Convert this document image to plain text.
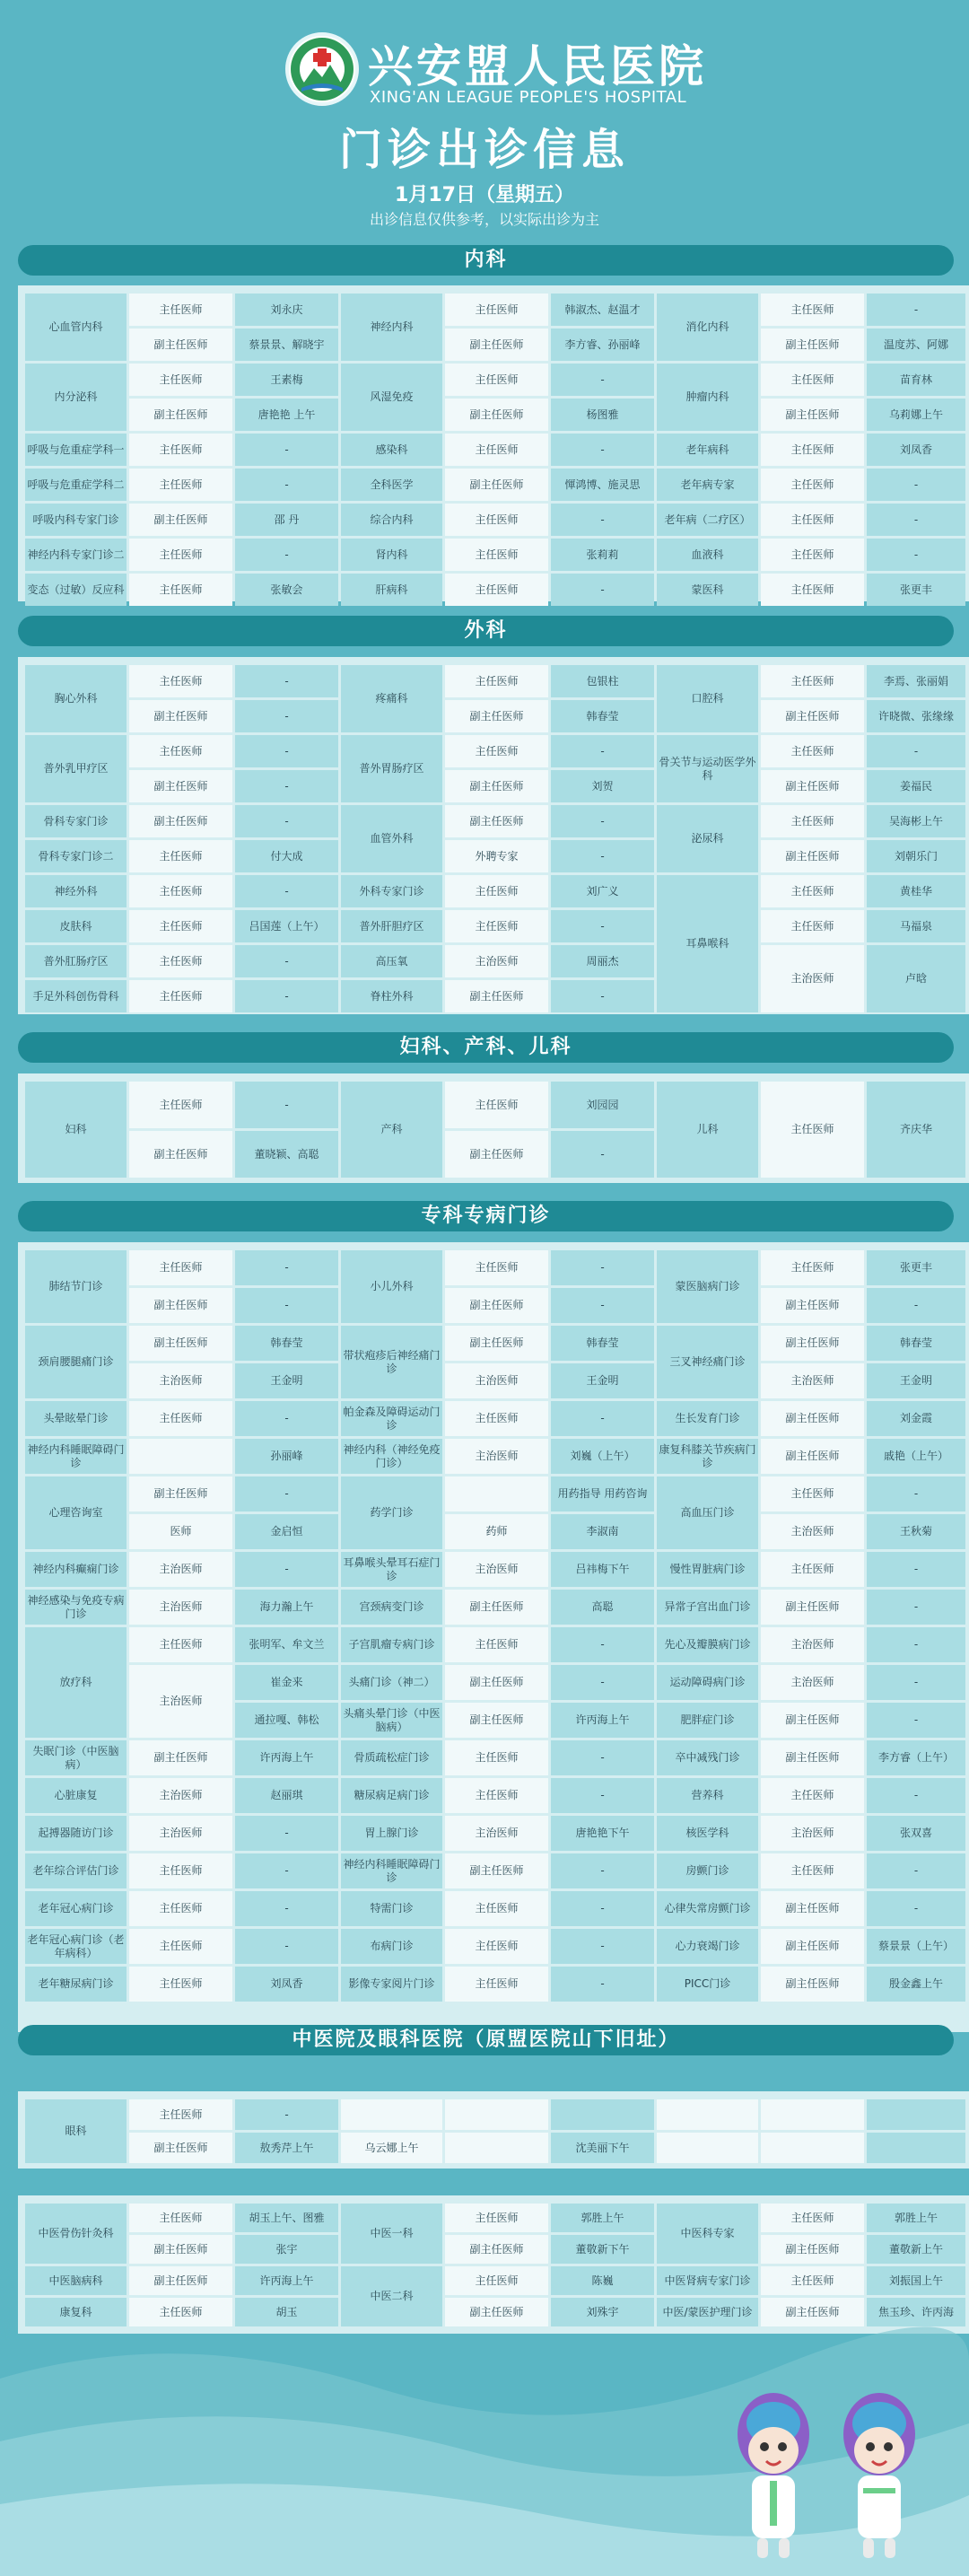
兴安盟人民医院
XING'AN LEAGUE PEOPLE'S HOSPITAL
门诊出诊信息
1月17日（星期五）
出诊信息仅供参考，以实际出诊为主
内科
心血管内科	主任医师	刘永庆	神经内科	主任医师	韩淑杰、赵温才	消化内科	主任医师	-
	副主任医师	蔡景景、解晓宇		副主任医师	李方睿、孙丽峰		副主任医师	温度苏、阿娜
内分泌科	主任医师	王素梅	风湿免疫	主任医师	-	肿瘤内科	主任医师	苗育林
	副主任医师	唐艳艳 上午		副主任医师	杨图雅		副主任医师	乌莉娜上午
呼吸与危重症学科一	主任医师	-	感染科	主任医师	-	老年病科	主任医师	刘凤香
呼吸与危重症学科二	主任医师	-	全科医学	副主任医师	惲鸿博、施灵思	老年病专家	主任医师	-
呼吸内科专家门诊	副主任医师	邵 丹	综合内科	主任医师	-	老年病（二疗区）	主任医师	-
神经内科专家门诊二	主任医师	-	肾内科	主任医师	张莉莉	血液科	主任医师	-
变态（过敏）反应科	主任医师	张敏会	肝病科	主任医师	-	蒙医科	主任医师	张更丰
外科
胸心外科	主任医师	-	疼痛科	主任医师	包银柱	口腔科	主任医师	李焉、张丽娟
	副主任医师	-		副主任医师	韩春莹		副主任医师	许晓微、张缘缘
普外乳甲疗区	主任医师	-	普外胃肠疗区	主任医师	-	骨关节与运动医学外科	主任医师	-
	副主任医师	-		副主任医师	刘贺		副主任医师	姜福民
骨科专家门诊	副主任医师	-	血管外科	副主任医师	-	泌尿科	主任医师	吴海彬上午
骨科专家门诊二	主任医师	付大成		外聘专家	-		副主任医师	刘朝乐门
神经外科	主任医师	-	外科专家门诊	主任医师	刘广义	耳鼻喉科	主任医师	黄桂华
皮肤科	主任医师	吕国莲（上午）	普外肝胆疗区	主任医师	-		主任医师	马福泉
普外肛肠疗区	主任医师	-	高压氧	主治医师	周丽杰		主治医师	卢晗
手足外科创伤骨科	主任医师	-	脊柱外科	副主任医师	-			
妇科、产科、儿科
妇科	主任医师	-	产科	主任医师	刘园园	儿科	主任医师	齐庆华
	副主任医师	董晓颖、高聪		副主任医师	-			
专科专病门诊
肺结节门诊	主任医师	-	小儿外科	主任医师	-	蒙医脑病门诊	主任医师	张更丰
	副主任医师	-		副主任医师	-		副主任医师	-
颈肩腰腿痛门诊	副主任医师	韩春莹	带状疱疹后神经痛门诊	副主任医师	韩春莹	三叉神经痛门诊	副主任医师	韩春莹
	主治医师	王金明		主治医师	王金明		主治医师	王金明
头晕眩晕门诊	主任医师	-	帕金森及障碍运动门诊	主任医师	-	生长发育门诊	副主任医师	刘金霞
神经内科睡眠障碍门诊		孙丽峰	神经内科（神经免疫门诊）	主治医师	刘巍（上午）	康复科膝关节疾病门诊	副主任医师	戚艳（上午）
心理咨询室	副主任医师	-	药学门诊		用药指导 用药咨询	高血压门诊	主任医师	-
	医师	金启恒		药师	李淑南		主治医师	王秋菊
神经内科癫痫门诊	主治医师	-	耳鼻喉头晕耳石症门诊	主治医师	吕祎梅下午	慢性胃脏病门诊	主任医师	-
神经感染与免疫专病门诊	主治医师	海力瀚上午	宫颈病变门诊	副主任医师	高聪	异常子宫出血门诊	副主任医师	-
放疗科	主任医师	张明军、牟文兰	子宫肌瘤专病门诊	主任医师	-	先心及瓣膜病门诊	主治医师	-
	主治医师	崔金来	头痛门诊（神二）	副主任医师	-	运动障碍病门诊	主治医师	-
		通拉嘎、韩松	头痛头晕门诊（中医脑病）	副主任医师	许丙海上午	肥胖症门诊	副主任医师	-
失眠门诊（中医脑病）	副主任医师	许丙海上午	骨质疏松症门诊	主任医师	-	卒中减残门诊	副主任医师	李方睿（上午）
心脏康复	主治医师	赵丽琪	糖尿病足病门诊	主任医师	-	营养科	主任医师	-
起搏器随访门诊	主治医师	-	胃上腺门诊	主治医师	唐艳艳下午	核医学科	主治医师	张双喜
老年综合评估门诊	主任医师	-	神经内科睡眠障碍门诊	副主任医师	-	房颤门诊	主任医师	-
老年冠心病门诊	主任医师	-	特需门诊	主任医师	-	心律失常房颤门诊	副主任医师	-
老年冠心病门诊（老年病科）	主任医师	-	布病门诊	主任医师	-	心力衰竭门诊	副主任医师	蔡景景（上午）
老年糖尿病门诊	主任医师	刘凤香	影像专家阅片门诊	主任医师	-	PICC门诊	副主任医师	殷金鑫上午
中医院及眼科医院（原盟医院山下旧址）
眼科	主任医师	-						
	副主任医师	敖秀芹上午	乌云娜上午		沈美丽下午			
中医骨伤针灸科	主任医师	胡玉上午、图雅	中医一科	主任医师	郭胜上午	中医科专家	主任医师	郭胜上午
	副主任医师	张宇		副主任医师	董敬新下午		副主任医师	董敬新上午
中医脑病科	副主任医师	许丙海上午	中医二科	主任医师	陈巍	中医肾病专家门诊	主任医师	刘振国上午
康复科	主任医师	胡玉		副主任医师	刘殊宇	中医/蒙医护理门诊	副主任医师	焦玉珍、许丙海
